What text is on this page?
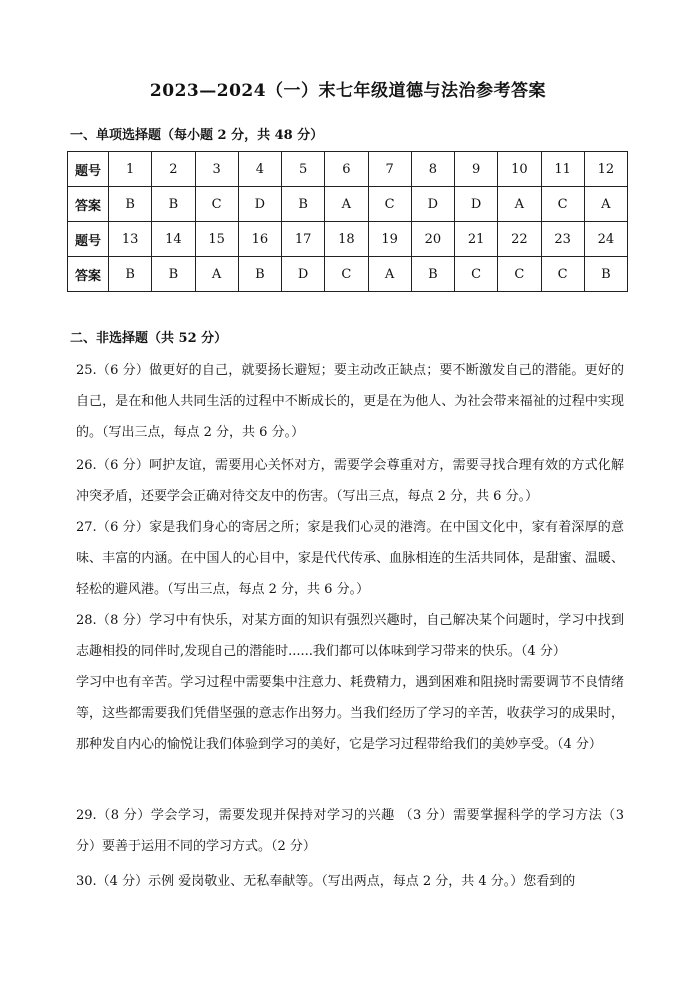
2023—2024（一）末七年级道德与法治参考答案
一、单项选择题（每小题 2 分，共 48 分）
题号	1	2	3	4	5	6	7	8	9	10	11	12
答案	B	B	C	D	B	A	C	D	D	A	C	A
题号	13	14	15	16	17	18	19	20	21	22	23	24
答案	B	B	A	B	D	C	A	B	C	C	C	B
二、非选择题（共 52 分）

25.（6 分）做更好的自己，就要扬长避短；要主动改正缺点；要不断激发自己的潜能。更好的自己，是在和他人共同生活的过程中不断成长的，更是在为他人、为社会带来福祉的过程中实现的。（写出三点，每点 2 分，共 6 分。）

26.（6 分）呵护友谊，需要用心关怀对方，需要学会尊重对方，需要寻找合理有效的方式化解冲突矛盾，还要学会正确对待交友中的伤害。（写出三点，每点 2 分，共 6 分。）

27.（6 分）家是我们身心的寄居之所；家是我们心灵的港湾。在中国文化中，家有着深厚的意味、丰富的内涵。在中国人的心目中，家是代代传承、血脉相连的生活共同体，是甜蜜、温暖、轻松的避风港。（写出三点，每点 2 分，共 6 分。）

28.（8 分）学习中有快乐，对某方面的知识有强烈兴趣时，自己解决某个问题时，学习中找到志趣相投的同伴时,发现自己的潜能时......我们都可以体味到学习带来的快乐。（4 分）

学习中也有辛苦。学习过程中需要集中注意力、耗费精力，遇到困难和阻挠时需要调节不良情绪等，这些都需要我们凭借坚强的意志作出努力。当我们经历了学习的辛苦，收获学习的成果时，那种发自内心的愉悦让我们体验到学习的美好，它是学习过程带给我们的美妙享受。（4 分）

29.（8 分）学会学习，需要发现并保持对学习的兴趣 （3 分）需要掌握科学的学习方法（3 分）要善于运用不同的学习方式。（2 分）

30.（4 分）示例 爱岗敬业、无私奉献等。（写出两点，每点 2 分，共 4 分。）您看到的
